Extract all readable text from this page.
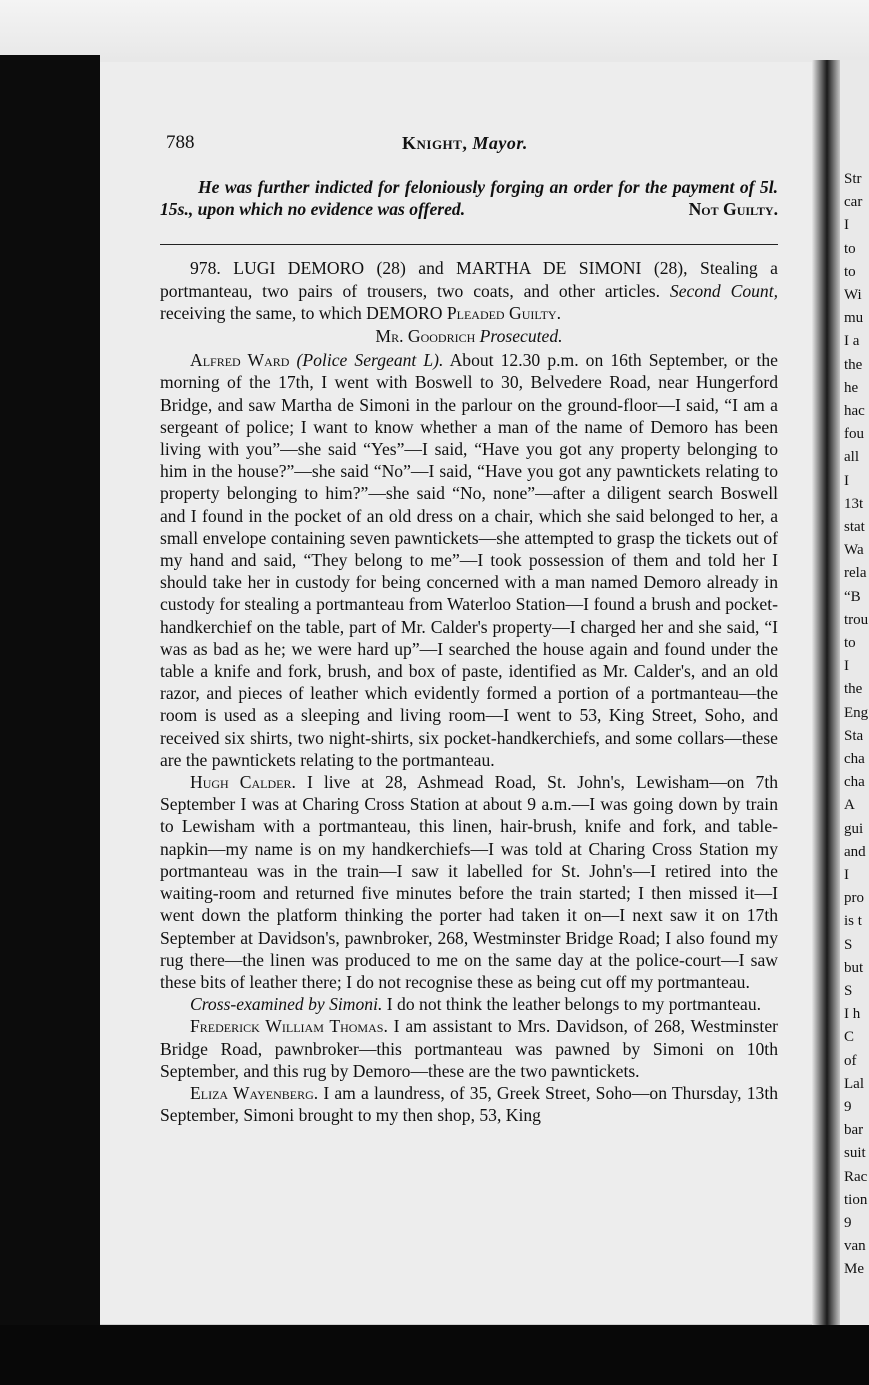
Str
car
I
to
to
Wi
mu
I a
the
he
hac
fou
all
I
13t
stat
Wa
rela
“B
trou
to
I
the
Eng
Sta
cha
cha
A
gui
and
I
pro
is t
S
but
S
I h
C
of
Lal
9
bar
suit
Rac
tion
9
van
Me
788	Knight, Mayor.

He was further indicted for feloniously forging an order for the payment of 5l. 15s., upon which no evidence was offered.	Not Guilty.

978. LUGI DEMORO (28) and MARTHA DE SIMONI (28), Stealing a portmanteau, two pairs of trousers, two coats, and other articles. Second Count, receiving the same, to which DEMORO Pleaded Guilty.

Mr. Goodrich Prosecuted.

Alfred Ward (Police Sergeant L). About 12.30 p.m. on 16th September, or the morning of the 17th, I went with Boswell to 30, Belvedere Road, near Hungerford Bridge, and saw Martha de Simoni in the parlour on the ground-floor—I said, “I am a sergeant of police; I want to know whether a man of the name of Demoro has been living with you”—she said “Yes”—I said, “Have you got any property belonging to him in the house?”—she said “No”—I said, “Have you got any pawntickets relating to property belonging to him?”—she said “No, none”—after a diligent search Boswell and I found in the pocket of an old dress on a chair, which she said belonged to her, a small envelope containing seven pawntickets—she attempted to grasp the tickets out of my hand and said, “They belong to me”—I took possession of them and told her I should take her in custody for being concerned with a man named Demoro already in custody for stealing a portmanteau from Waterloo Station—I found a brush and pocket-handkerchief on the table, part of Mr. Calder's property—I charged her and she said, “I was as bad as he; we were hard up”—I searched the house again and found under the table a knife and fork, brush, and box of paste, identified as Mr. Calder's, and an old razor, and pieces of leather which evidently formed a portion of a portmanteau—the room is used as a sleeping and living room—I went to 53, King Street, Soho, and received six shirts, two night-shirts, six pocket-handkerchiefs, and some collars—these are the pawntickets relating to the portmanteau.

Hugh Calder. I live at 28, Ashmead Road, St. John's, Lewisham—on 7th September I was at Charing Cross Station at about 9 a.m.—I was going down by train to Lewisham with a portmanteau, this linen, hair-brush, knife and fork, and table-napkin—my name is on my handkerchiefs—I was told at Charing Cross Station my portmanteau was in the train—I saw it labelled for St. John's—I retired into the waiting-room and returned five minutes before the train started; I then missed it—I went down the platform thinking the porter had taken it on—I next saw it on 17th September at Davidson's, pawnbroker, 268, Westminster Bridge Road; I also found my rug there—the linen was produced to me on the same day at the police-court—I saw these bits of leather there; I do not recognise these as being cut off my portmanteau.

Cross-examined by Simoni. I do not think the leather belongs to my portmanteau.

Frederick William Thomas. I am assistant to Mrs. Davidson, of 268, Westminster Bridge Road, pawnbroker—this portmanteau was pawned by Simoni on 10th September, and this rug by Demoro—these are the two pawntickets.

Eliza Wayenberg. I am a laundress, of 35, Greek Street, Soho—on Thursday, 13th September, Simoni brought to my then shop, 53, King
